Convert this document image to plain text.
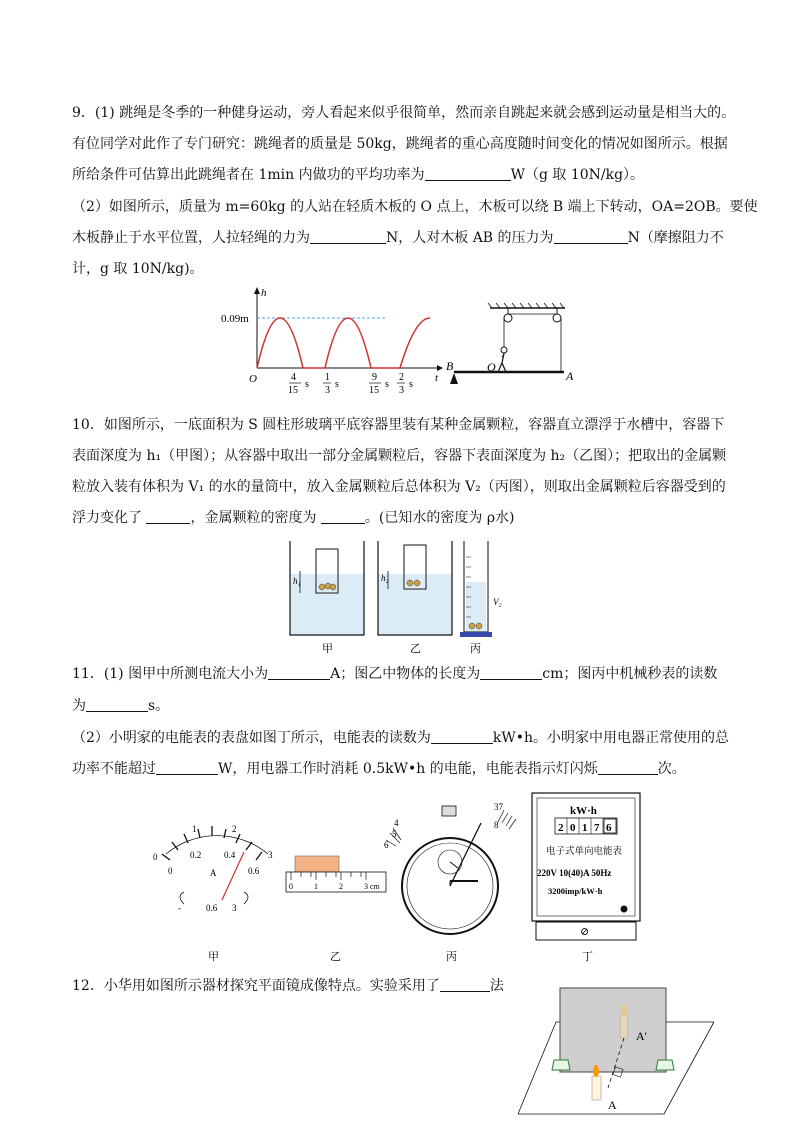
9．(1) 跳绳是冬季的一种健身运动，旁人看起来似乎很简单，然而亲自跳起来就会感到运动量是相当大的。
有位同学对此作了专门研究：跳绳者的质量是 50kg，跳绳者的重心高度随时间变化的情况如图所示。根据
所给条件可估算出此跳绳者在 1min 内做功的平均功率为	W（g 取 10N/kg）。
（2）如图所示，质量为 m=60kg 的人站在轻质木板的 O 点上，木板可以绕 B 端上下转动，OA=2OB。要使
木板静止于水平位置，人拉轻绳的力为	N，人对木板 AB 的压力为	N（摩擦阻力不
计，g 取 10N/kg)。
h
0.09m
O	t
4
15
s
1
3
s
9
15
s
2
3
s
B	O
A
10．如图所示，一底面积为 S 圆柱形玻璃平底容器里装有某种金属颗粒，容器直立漂浮于水槽中，容器下
表面深度为 h₁（甲图）；从容器中取出一部分金属颗粒后，容器下表面深度为 h₂（乙图）；把取出的金属颗
粒放入装有体积为 V₁ 的水的量筒中，放入金属颗粒后总体积为 V₂（丙图），则取出金属颗粒后容器受到的
浮力变化了	，金属颗粒的密度为	。(已知水的密度为 ρ水)
h₁
甲
h₂
乙
V₂
丙
11．(1) 图甲中所测电流大小为	A；图乙中物体的长度为	cm；图丙中机械秒表的读数
为	s。
（2）小明家的电能表的表盘如图丁所示，电能表的读数为	kW•h。小明家中用电器正常使用的总
功率不能超过	W，用电器工作时消耗 0.5kW•h 的电能，电能表指示灯闪烁	次。
0
1	2
3
0
0.2	0.4
0.6
A
-	0.6 3
甲
0	1	2	3 cm
乙
4
5
6
37
8
丙
kW·h
2 0 1 7 6
电子式单向电能表
220V 10(40)A 50Hz
3200imp/kW·h
⊘
丁
12．小华用如图所示器材探究平面镜成像特点。实验采用了	法
A'
A
